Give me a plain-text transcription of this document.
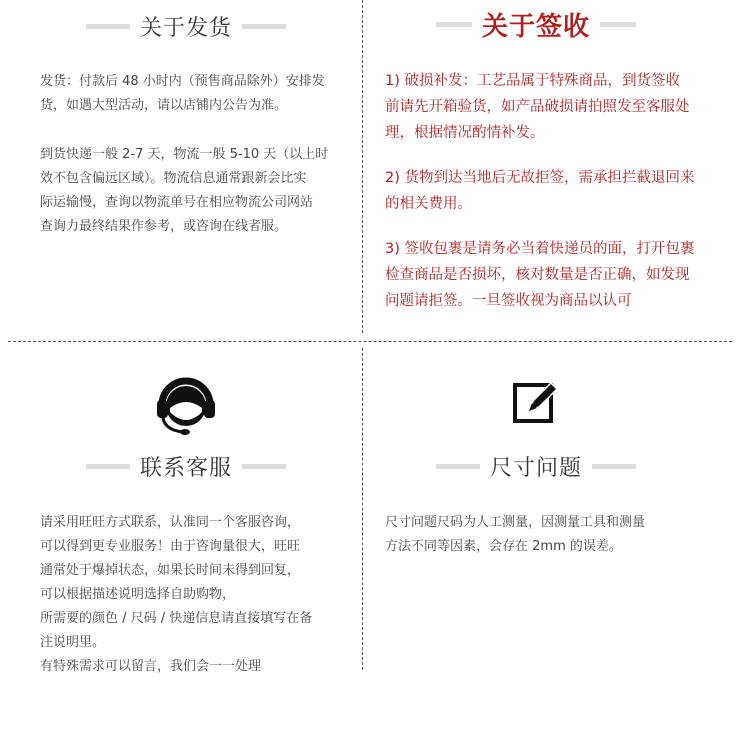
关于发货
发货：付款后 48 小时内（预售商品除外）安排发
货，如遇大型活动，请以店铺内公告为准。
到货快递一般 2-7 天，物流一般 5-10 天（以上时
效不包含偏远区域）。物流信息通常跟新会比实
际运输慢，查询以物流单号在相应物流公司网站
查询力最终结果作参考，或咨询在线者服。
关于签收
1) 破损补发：工艺品属于特殊商品，到货签收
前请先开箱验货，如产品破损请拍照发至客服处
理，根据情况酌情补发。
2) 货物到达当地后无故拒签，需承担拦截退回来
的相关费用。
3) 签收包裹是请务必当着快递员的面，打开包裹
检查商品是否损坏，核对数量是否正确，如发现
问题请拒签。一旦签收视为商品以认可
联系客服
请采用旺旺方式联系，认准同一个客服咨询，
可以得到更专业服务！由于咨询量很大，旺旺
通常处于爆掉状态，如果长时间未得到回复，
可以根据描述说明选择自助购物，
所需要的颜色 / 尺码 / 快递信息请直接填写在备
注说明里。
有特殊需求可以留言，我们会一一处理
尺寸问题
尺寸问题尺码为人工测量，因测量工具和测量
方法不同等因素，会存在 2mm 的误差。
